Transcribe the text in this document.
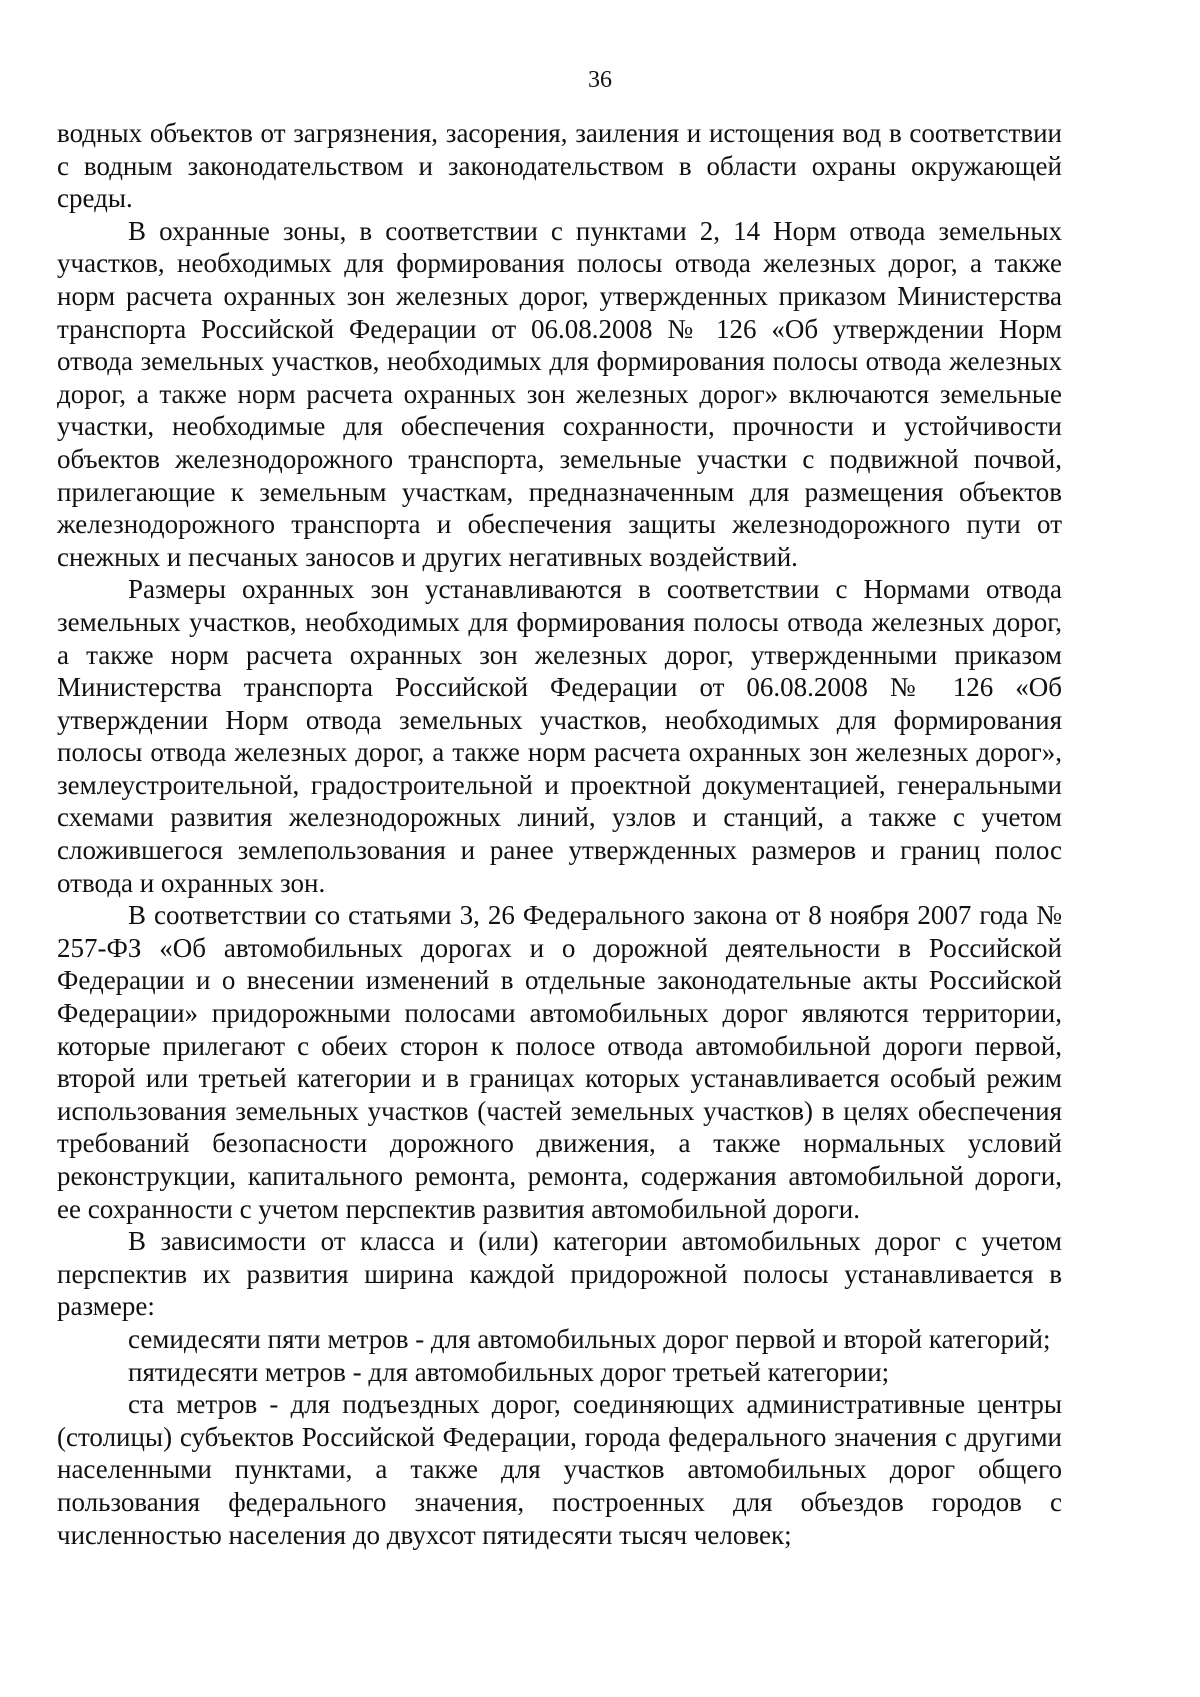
36

водных объектов от загрязнения, засорения, заиления и истощения вод в соответствии с водным законодательством и законодательством в области охраны окружающей среды.

В охранные зоны, в соответствии с пунктами 2, 14 Норм отвода земельных участков, необходимых для формирования полосы отвода железных дорог, а также норм расчета охранных зон железных дорог, утвержденных приказом Министерства транспорта Российской Федерации от 06.08.2008 № 126 «Об утверждении Норм отвода земельных участков, необходимых для формирования полосы отвода железных дорог, а также норм расчета охранных зон железных дорог» включаются земельные участки, необходимые для обеспечения сохранности, прочности и устойчивости объектов железнодорожного транспорта, земельные участки с подвижной почвой, прилегающие к земельным участкам, предназначенным для размещения объектов железнодорожного транспорта и обеспечения защиты железнодорожного пути от снежных и песчаных заносов и других негативных воздействий.

Размеры охранных зон устанавливаются в соответствии с Нормами отвода земельных участков, необходимых для формирования полосы отвода железных дорог, а также норм расчета охранных зон железных дорог, утвержденными приказом Министерства транспорта Российской Федерации от 06.08.2008 № 126 «Об утверждении Норм отвода земельных участков, необходимых для формирования полосы отвода железных дорог, а также норм расчета охранных зон железных дорог», землеустроительной, градостроительной и проектной документацией, генеральными схемами развития железнодорожных линий, узлов и станций, а также с учетом сложившегося землепользования и ранее утвержденных размеров и границ полос отвода и охранных зон.

В соответствии со статьями 3, 26 Федерального закона от 8 ноября 2007 года № 257-ФЗ «Об автомобильных дорогах и о дорожной деятельности в Российской Федерации и о внесении изменений в отдельные законодательные акты Российской Федерации» придорожными полосами автомобильных дорог являются территории, которые прилегают с обеих сторон к полосе отвода автомобильной дороги первой, второй или третьей категории и в границах которых устанавливается особый режим использования земельных участков (частей земельных участков) в целях обеспечения требований безопасности дорожного движения, а также нормальных условий реконструкции, капитального ремонта, ремонта, содержания автомобильной дороги, ее сохранности с учетом перспектив развития автомобильной дороги.

В зависимости от класса и (или) категории автомобильных дорог с учетом перспектив их развития ширина каждой придорожной полосы устанавливается в размере:

семидесяти пяти метров - для автомобильных дорог первой и второй категорий;

пятидесяти метров - для автомобильных дорог третьей категории;

ста метров - для подъездных дорог, соединяющих административные центры (столицы) субъектов Российской Федерации, города федерального значения с другими населенными пунктами, а также для участков автомобильных дорог общего пользования федерального значения, построенных для объездов городов с численностью населения до двухсот пятидесяти тысяч человек;
